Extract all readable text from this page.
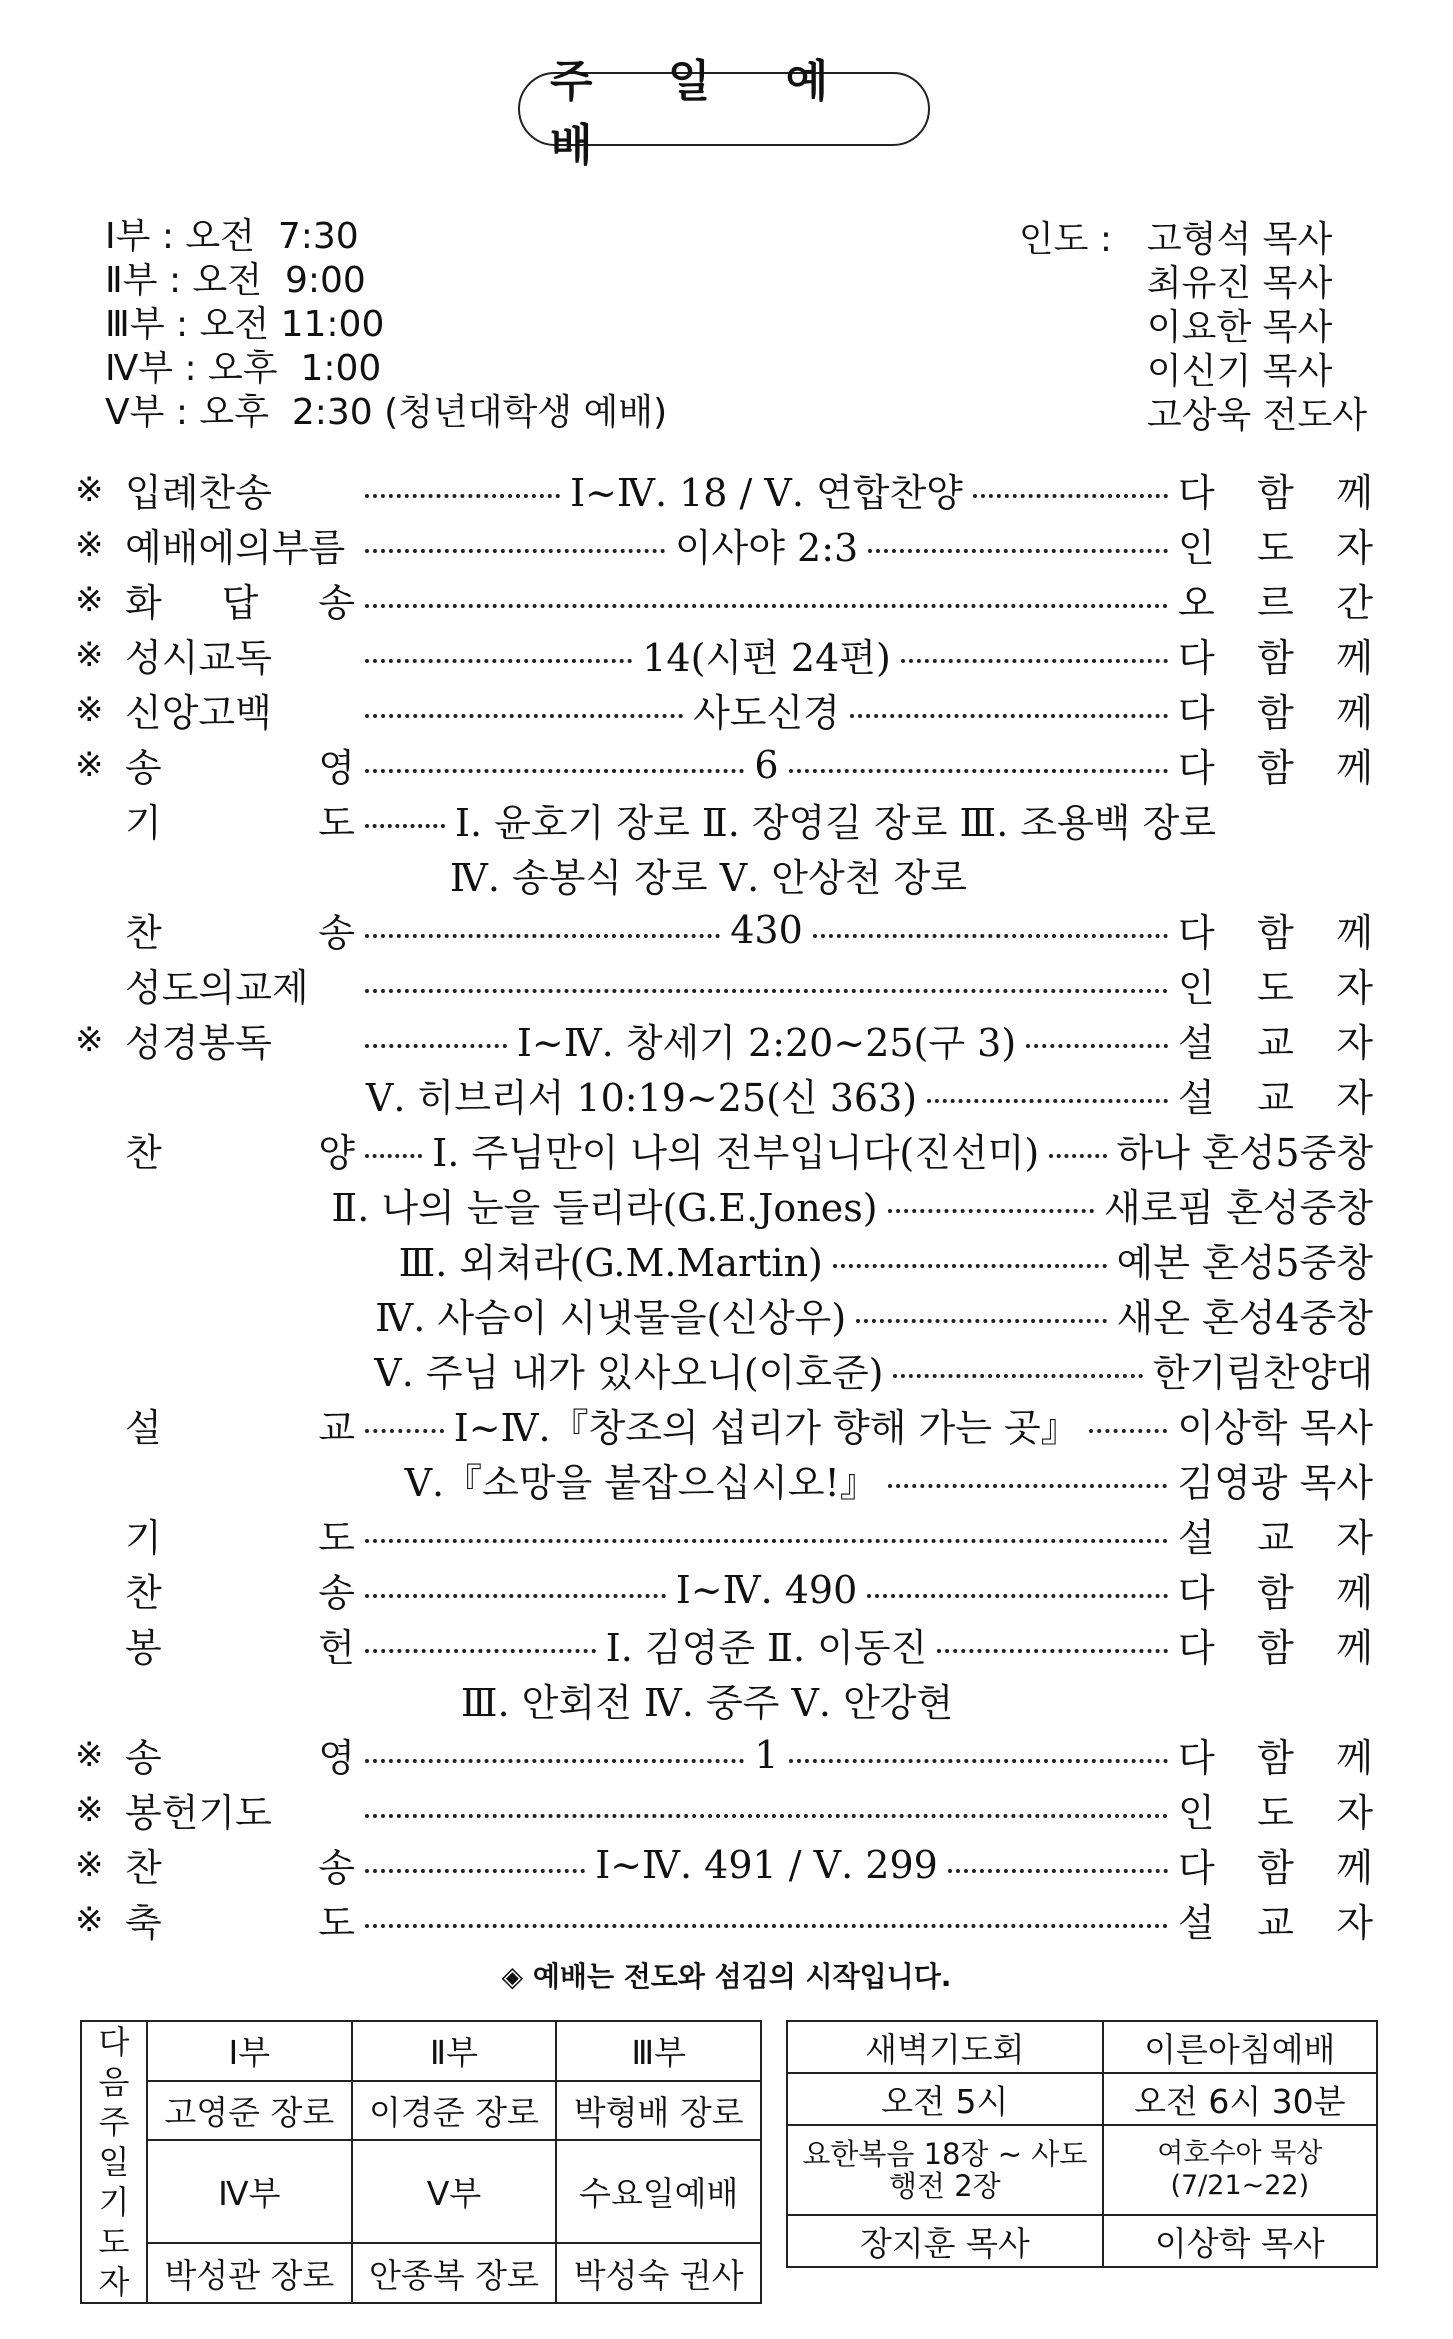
주 일 예 배
Ⅰ부 : 오전  7:30
Ⅱ부 : 오전  9:00
Ⅲ부 : 오전 11:00
Ⅳ부 : 오후  1:00
Ⅴ부 : 오후  2:30 (청년대학생 예배)
인도 : 고형석 목사
최유진 목사
이요한 목사
이신기 목사
고상욱 전도사
※ 입례찬송	Ⅰ~Ⅳ. 18 / Ⅴ. 연합찬양	다 함 께
※ 예배에의부름	이사야 2:3	인 도 자
※ 화 답 송	오 르 간
※ 성시교독	14(시편 24편)	다 함 께
※ 신앙고백	사도신경	다 함 께
※ 송	영	6	다 함 께
기	도	Ⅰ. 윤호기 장로 Ⅱ. 장영길 장로 Ⅲ. 조용백 장로
Ⅳ. 송봉식 장로 Ⅴ. 안상천 장로
찬	송	430	다 함 께
성도의교제	인 도 자
※ 성경봉독	Ⅰ~Ⅳ. 창세기 2:20~25(구 3)	설 교 자
Ⅴ. 히브리서 10:19~25(신 363)	설 교 자
찬	양 Ⅰ. 주님만이 나의 전부입니다(진선미) 하나 혼성5중창
Ⅱ. 나의 눈을 들리라(G.E.Jones)	새로핌 혼성중창
Ⅲ. 외쳐라(G.M.Martin)	예본 혼성5중창
Ⅳ. 사슴이 시냇물을(신상우)	새온 혼성4중창
Ⅴ. 주님 내가 있사오니(이호준)	한기림찬양대
설	교	Ⅰ~Ⅳ.『창조의 섭리가 향해 가는 곳』	이상학 목사
Ⅴ.『소망을 붙잡으십시오!』	김영광 목사
기	도	설 교 자
찬	송	Ⅰ~Ⅳ. 490	다 함 께
봉	헌	Ⅰ. 김영준 Ⅱ. 이동진	다 함 께
Ⅲ. 안회전 Ⅳ. 중주 Ⅴ. 안강현
※ 송	영	1	다 함 께
※ 봉헌기도	인 도 자
※ 찬	송	Ⅰ~Ⅳ. 491 / Ⅴ. 299	다 함 께
※ 축	도	설 교 자
◈ 예배는 전도와 섬김의 시작입니다.
다음 주일 기도자	Ⅰ부	Ⅱ부	Ⅲ부
	고영준 장로	이경준 장로	박형배 장로
	Ⅳ부	Ⅴ부	수요일예배
	박성관 장로	안종복 장로	박성숙 권사
새벽기도회	이른아침예배
오전 5시	오전 6시 30분
요한복음 18장 ~ 사도행전 2장	여호수아 묵상(7/21~22)
장지훈 목사	이상학 목사
